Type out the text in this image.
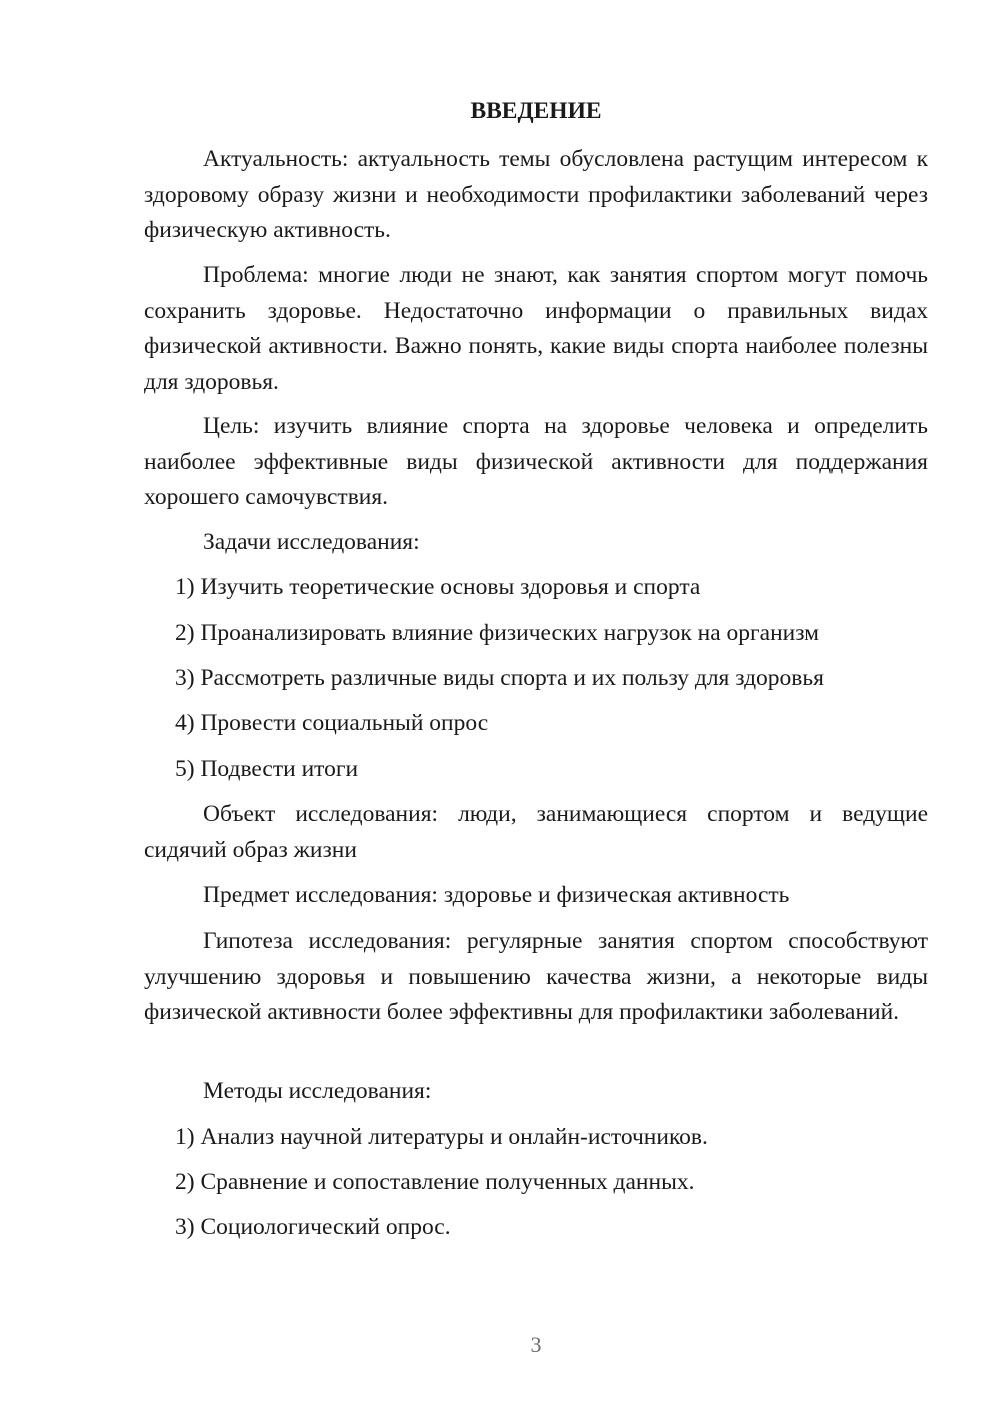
ВВЕДЕНИЕ

Актуальность: актуальность темы обусловлена растущим интересом к здоровому образу жизни и необходимости профилактики заболеваний через физическую активность.

Проблема: многие люди не знают, как занятия спортом могут помочь сохранить здоровье. Недостаточно информации о правильных видах физической активности. Важно понять, какие виды спорта наиболее полезны для здоровья.

Цель: изучить влияние спорта на здоровье человека и определить наиболее эффективные виды физической активности для поддержания хорошего самочувствия.

Задачи исследования:

1) Изучить теоретические основы здоровья и спорта

2) Проанализировать влияние физических нагрузок на организм

3) Рассмотреть различные виды спорта и их пользу для здоровья

4) Провести социальный опрос

5) Подвести итоги

Объект исследования: люди, занимающиеся спортом и ведущие сидячий образ жизни

Предмет исследования: здоровье и физическая активность

Гипотеза исследования: регулярные занятия спортом способствуют улучшению здоровья и повышению качества жизни, а некоторые виды физической активности более эффективны для профилактики заболеваний.

Методы исследования:

1) Анализ научной литературы и онлайн-источников.

2) Сравнение и сопоставление полученных данных.

3) Социологический опрос.

3
